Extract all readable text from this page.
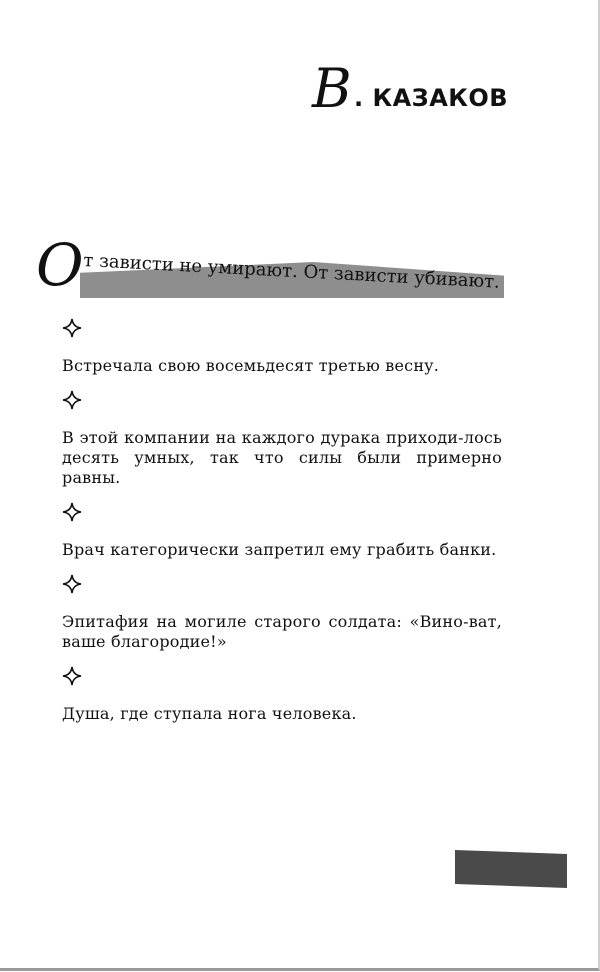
B . КАЗАКОВ
О т зависти не умирают. От зависти убивают.

Встречала свою восемьдесят третью весну.

В этой компании на каждого дурака приходи-лось десять умных, так что силы были примерно равны.

Врач категорически запретил ему грабить банки.

Эпитафия на могиле старого солдата: «Вино-ват, ваше благородие!»

Душа, где ступала нога человека.
